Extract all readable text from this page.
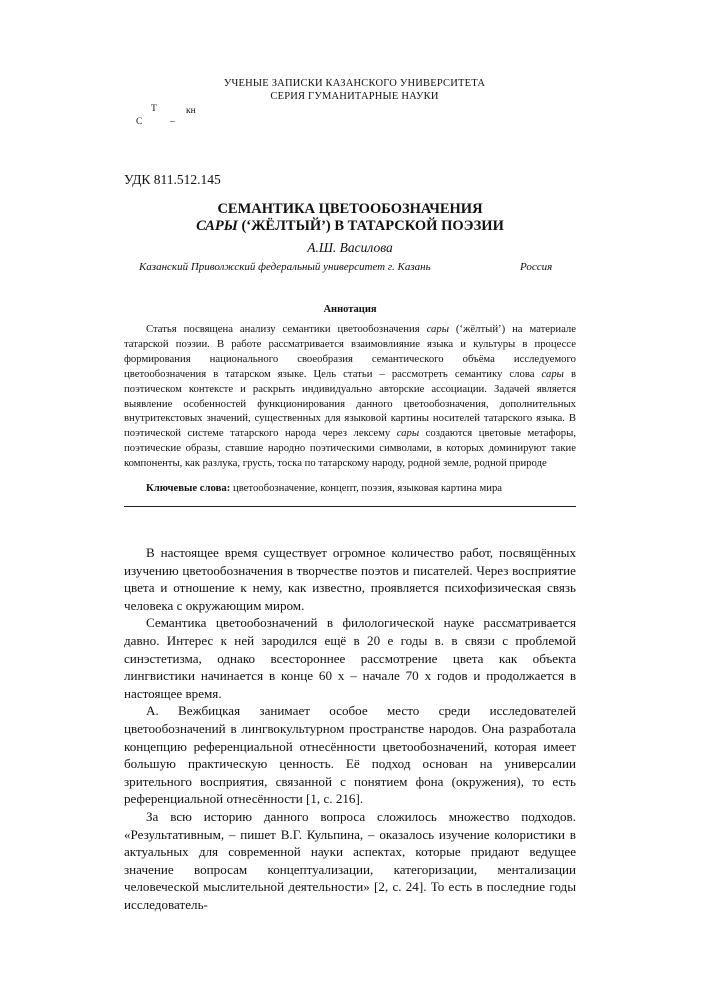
УЧЕНЫЕ ЗАПИСКИ КАЗАНСКОГО УНИВЕРСИТЕТА
СЕРИЯ ГУМАНИТАРНЫЕ НАУКИ
Т	кн
С	–
УДК 811.512.145
СЕМАНТИКА ЦВЕТООБОЗНАЧЕНИЯ
САРЫ (‘ЖЁЛТЫЙ’) В ТАТАРСКОЙ ПОЭЗИИ
А.Ш. Василова
Казанский Приволжский федеральный университет г. Казань	Россия
Аннотация

Статья посвящена анализу семантики цветообозначения сары (‘жёлтый’) на материале татарской поэзии. В работе рассматривается взаимовлияние языка и культуры в процессе формирования национального своеобразия семантического объёма исследуемого цветообозначения в татарском языке. Цель статьи – рассмотреть семантику слова сары в поэтическом контексте и раскрыть индивидуально авторские ассоциации. Задачей является выявление особенностей функционирования данного цветообозначения, дополнительных внутритекстовых значений, существенных для языковой картины носителей татарского языка. В поэтической системе татарского народа через лексему сары создаются цветовые метафоры, поэтические образы, ставшие народно поэтическими символами, в которых доминируют такие компоненты, как разлука, грусть, тоска по татарскому народу, родной земле, родной природе

Ключевые слова: цветообозначение, концепт, поэзия, языковая картина мира

В настоящее время существует огромное количество работ, посвящённых изучению цветообозначения в творчестве поэтов и писателей. Через восприятие цвета и отношение к нему, как известно, проявляется психофизическая связь человека с окружающим миром.

Семантика цветообозначений в филологической науке рассматривается давно. Интерес к ней зародился ещё в 20 е годы в. в связи с проблемой синэстетизма, однако всестороннее рассмотрение цвета как объекта лингвистики начинается в конце 60 х – начале 70 х годов и продолжается в настоящее время.

А. Вежбицкая занимает особое место среди исследователей цветообозначений в лингвокультурном пространстве народов. Она разработала концепцию референциальной отнесённости цветообозначений, которая имеет большую практическую ценность. Её подход основан на универсалии зрительного восприятия, связанной с понятием фона (окружения), то есть референциальной отнесённости [1, с. 216].

За всю историю данного вопроса сложилось множество подходов. «Результативным, – пишет В.Г. Кульпина, – оказалось изучение колористики в актуальных для современной науки аспектах, которые придают ведущее значение вопросам концептуализации, категоризации, ментализации человеческой мыслительной деятельности» [2, с. 24]. То есть в последние годы исследователь-
